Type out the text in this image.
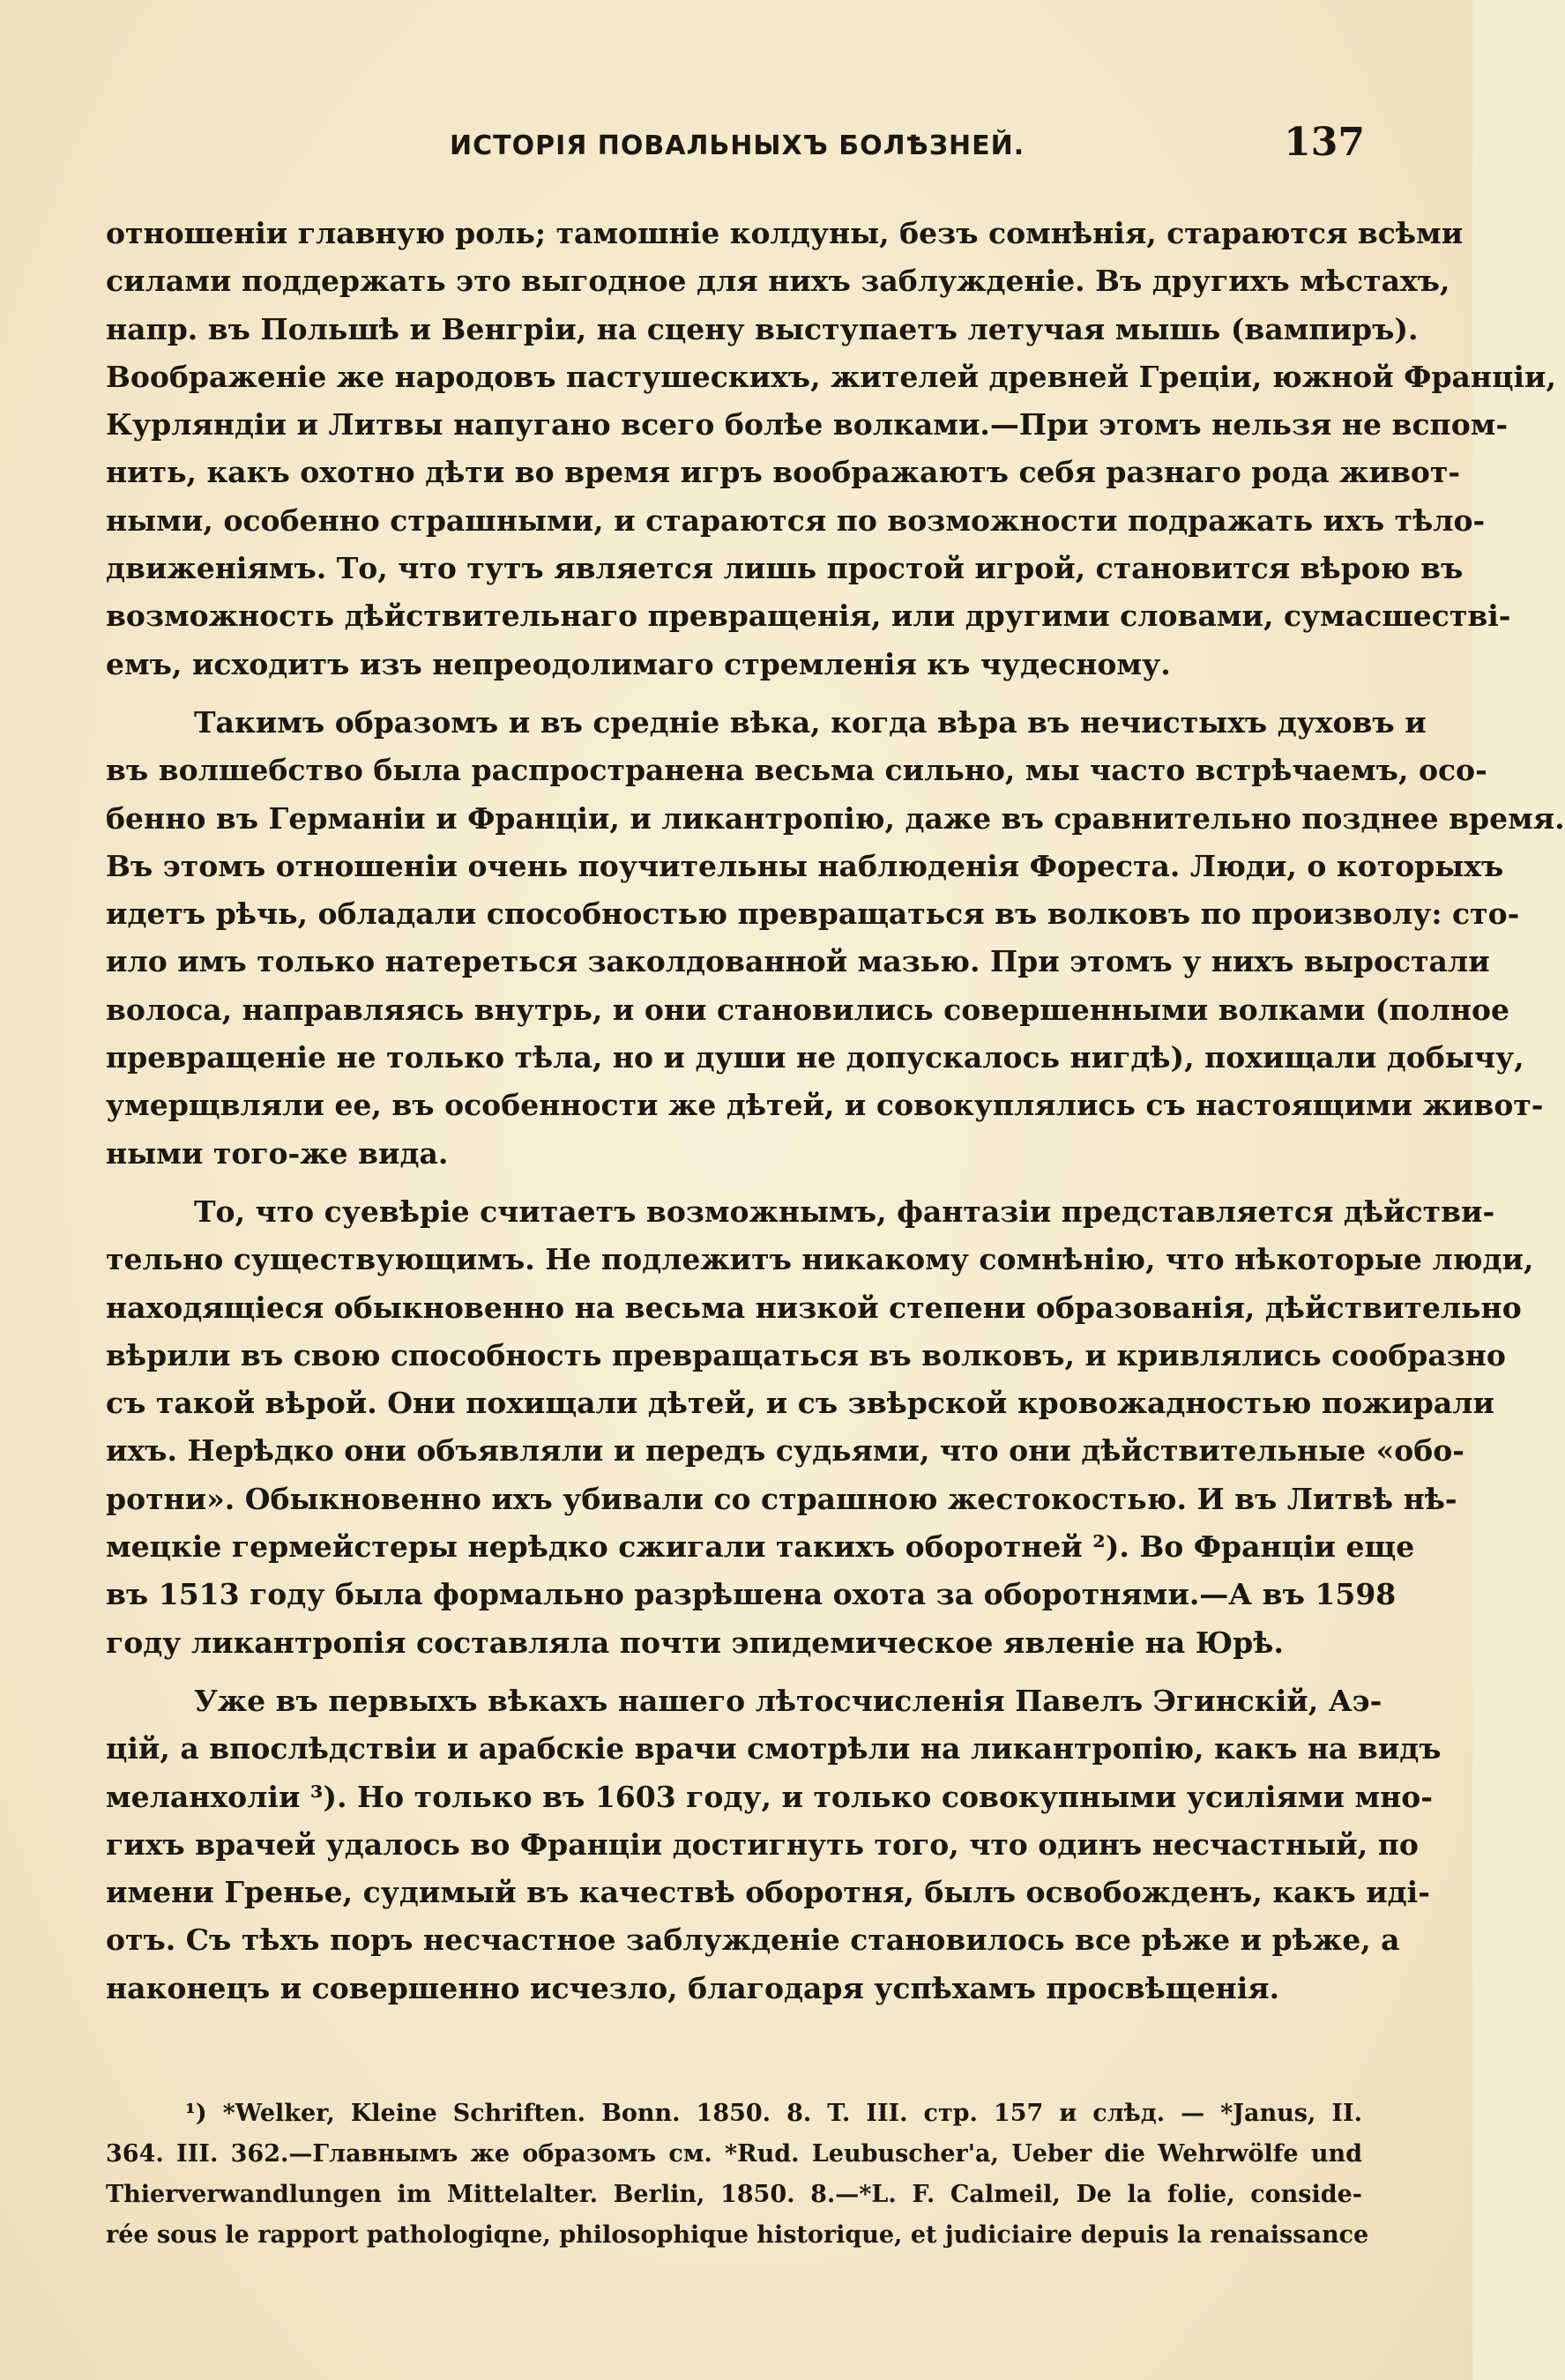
ИСТОРІЯ ПОВАЛЬНЫХЪ БОЛѢЗНЕЙ.	137
отношеніи главную роль; тамошніе колдуны, безъ сомнѣнія, стараются всѣми
силами поддержать это выгодное для нихъ заблужденіе. Въ другихъ мѣстахъ,
напр. въ Польшѣ и Венгріи, на сцену выступаетъ летучая мышь (вампиръ).
Воображеніе же народовъ пастушескихъ, жителей древней Греціи, южной Франціи,
Курляндіи и Литвы напугано всего болѣе волками.—При этомъ нельзя не вспом-
нить, какъ охотно дѣти во время игръ воображаютъ себя разнаго рода живот-
ными, особенно страшными, и стараются по возможности подражать ихъ тѣло-
движеніямъ. То, что тутъ является лишь простой игрой, становится вѣрою въ
возможность дѣйствительнаго превращенія, или другими словами, сумасшестві-
емъ, исходитъ изъ непреодолимаго стремленія къ чудесному.
Такимъ образомъ и въ средніе вѣка, когда вѣра въ нечистыхъ духовъ и
въ волшебство была распространена весьма сильно, мы часто встрѣчаемъ, осо-
бенно въ Германіи и Франціи, и ликантропію, даже въ сравнительно позднее время.
Въ этомъ отношеніи очень поучительны наблюденія Фореста. Люди, о которыхъ
идетъ рѣчь, обладали способностью превращаться въ волковъ по произволу: сто-
ило имъ только натереться заколдованной мазью. При этомъ у нихъ выростали
волоса, направляясь внутрь, и они становились совершенными волками (полное
превращеніе не только тѣла, но и души не допускалось нигдѣ), похищали добычу,
умерщвляли ее, въ особенности же дѣтей, и совокуплялись съ настоящими живот-
ными того-же вида.
То, что суевѣріе считаетъ возможнымъ, фантазіи представляется дѣйстви-
тельно существующимъ. Не подлежитъ никакому сомнѣнію, что нѣкоторые люди,
находящіеся обыкновенно на весьма низкой степени образованія, дѣйствительно
вѣрили въ свою способность превращаться въ волковъ, и кривлялись сообразно
съ такой вѣрой. Они похищали дѣтей, и съ звѣрской кровожадностью пожирали
ихъ. Нерѣдко они объявляли и передъ судьями, что они дѣйствительные «обо-
ротни». Обыкновенно ихъ убивали со страшною жестокостью. И въ Литвѣ нѣ-
мецкіе гермейстеры нерѣдко сжигали такихъ оборотней ²). Во Франціи еще
въ 1513 году была формально разрѣшена охота за оборотнями.—А въ 1598
году ликантропія составляла почти эпидемическое явленіе на Юрѣ.
Уже въ первыхъ вѣкахъ нашего лѣтосчисленія Павелъ Эгинскій, Аэ-
цій, а впослѣдствіи и арабскіе врачи смотрѣли на ликантропію, какъ на видъ
меланхоліи ³). Но только въ 1603 году, и только совокупными усиліями мно-
гихъ врачей удалось во Франціи достигнуть того, что одинъ несчастный, по
имени Гренье, судимый въ качествѣ оборотня, былъ освобожденъ, какъ иді-
отъ. Съ тѣхъ поръ несчастное заблужденіе становилось все рѣже и рѣже, а
наконецъ и совершенно исчезло, благодаря успѣхамъ просвѣщенія.
¹) *Welker, Kleine Schriften. Bonn. 1850. 8. T. III. стр. 157 и слѣд. — *Janus, II.
364. III. 362.—Главнымъ же образомъ см. *Rud. Leubuscher'a, Ueber die Wehrwölfe und
Thierverwandlungen im Mittelalter. Berlin, 1850. 8.—*L. F. Calmeil, De la folie, conside-
rée sous le rapport pathologiqne, philosophique historique, et judiciaire depuis la renaissance
